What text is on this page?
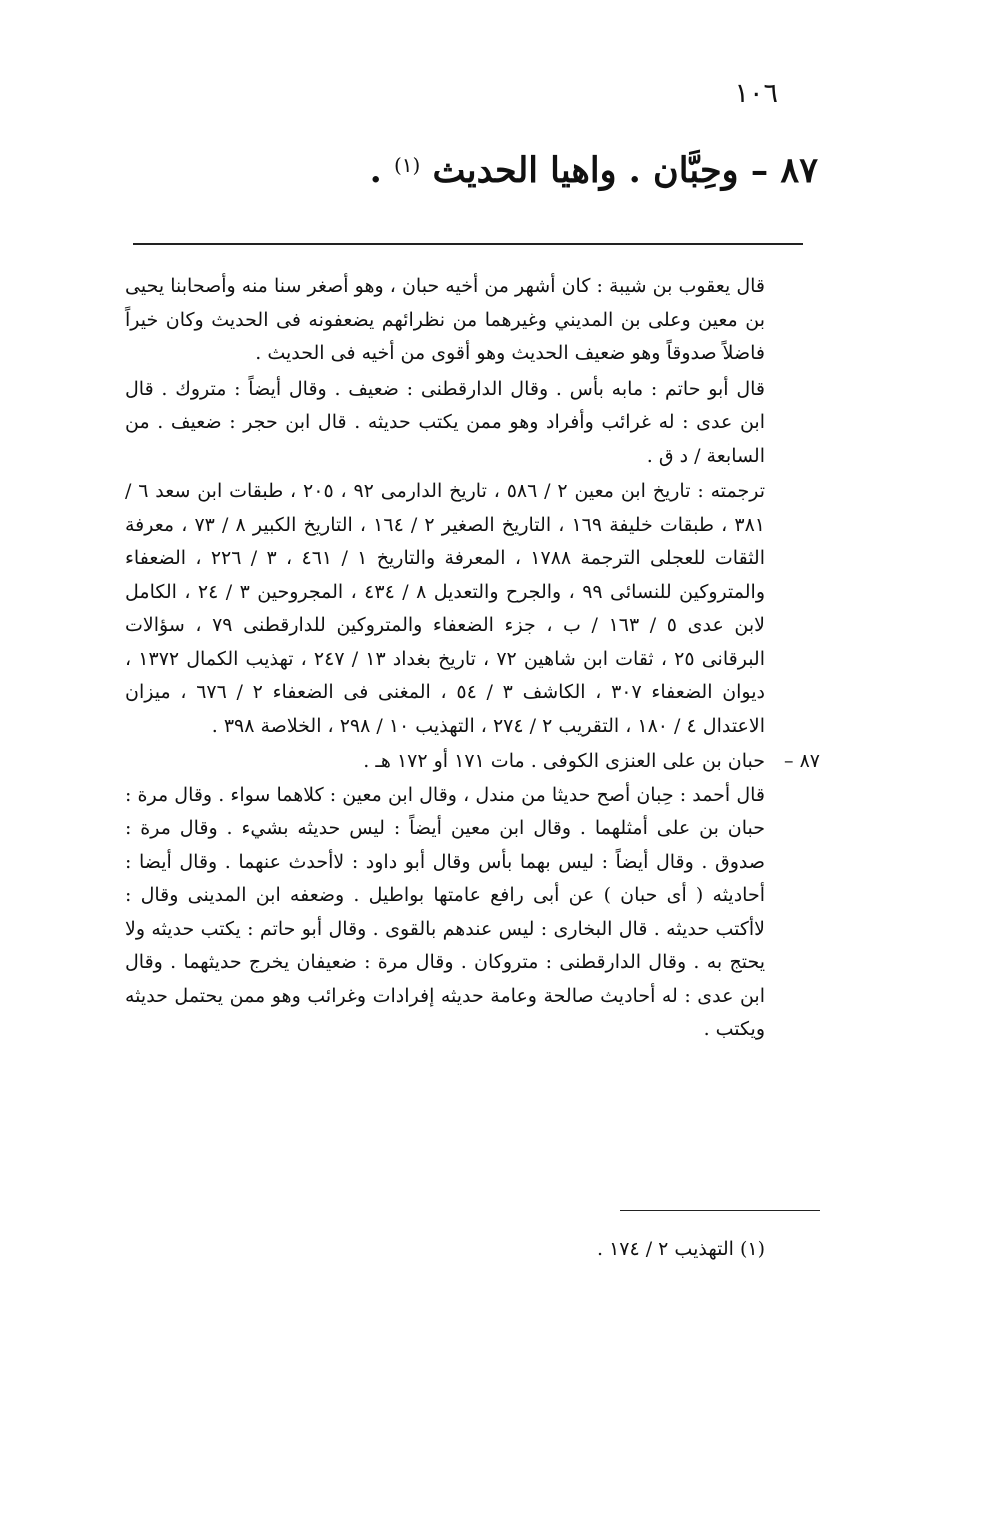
١٠٦
٨٧ – وحِبَّان . واهيا الحديث $^{(١)}$ .

قال يعقوب بن شيبة : كان أشهر من أخيه حبان ، وهو أصغر سنا منه وأصحابنا يحيى بن معين وعلى بن المديني وغيرهما من نظرائهم يضعفونه فى الحديث وكان خيراً فاضلاً صدوقاً وهو ضعيف الحديث وهو أقوى من أخيه فى الحديث .

قال أبو حاتم : مابه بأس . وقال الدارقطنى : ضعيف . وقال أيضاً : متروك . قال ابن عدى : له غرائب وأفراد وهو ممن يكتب حديثه . قال ابن حجر : ضعيف . من السابعة / د ق .

ترجمته : تاريخ ابن معين ٢ / ٥٨٦ ، تاريخ الدارمى ٩٢ ، ٢٠٥ ، طبقات ابن سعد ٦ / ٣٨١ ، طبقات خليفة ١٦٩ ، التاريخ الصغير ٢ / ١٦٤ ، التاريخ الكبير ٨ / ٧٣ ، معرفة الثقات للعجلى الترجمة ١٧٨٨ ، المعرفة والتاريخ ١ / ٤٦١ ، ٣ / ٢٢٦ ، الضعفاء والمتروكين للنسائى ٩٩ ، والجرح والتعديل ٨ / ٤٣٤ ، المجروحين ٣ / ٢٤ ، الكامل لابن عدى ٥ / ١٦٣ / ب ، جزء الضعفاء والمتروكين للدارقطنى ٧٩ ، سؤالات البرقانى ٢٥ ، ثقات ابن شاهين ٧٢ ، تاريخ بغداد ١٣ / ٢٤٧ ، تهذيب الكمال ١٣٧٢ ، ديوان الضعفاء ٣٠٧ ، الكاشف ٣ / ٥٤ ، المغنى فى الضعفاء ٢ / ٦٧٦ ، ميزان الاعتدال ٤ / ١٨٠ ، التقريب ٢ / ٢٧٤ ، التهذيب ١٠ / ٢٩٨ ، الخلاصة ٣٩٨ .

٨٧ –
حبان بن على العنزى الكوفى . مات ١٧١ أو ١٧٢ هـ .

قال أحمد : حِبان أصح حديثا من مندل ، وقال ابن معين : كلاهما سواء . وقال مرة : حبان بن على أمثلهما . وقال ابن معين أيضاً : ليس حديثه بشيء . وقال مرة : صدوق . وقال أيضاً : ليس بهما بأس وقال أبو داود : لاأحدث عنهما . وقال أيضا : أحاديثه ( أى حبان ) عن أبى رافع عامتها بواطيل . وضعفه ابن المدينى وقال : لاأكتب حديثه . قال البخارى : ليس عندهم بالقوى . وقال أبو حاتم : يكتب حديثه ولا يحتج به . وقال الدارقطنى : متروكان . وقال مرة : ضعيفان يخرج حديثهما . وقال ابن عدى : له أحاديث صالحة وعامة حديثه إفرادات وغرائب وهو ممن يحتمل حديثه ويكتب .

(١) التهذيب ٢ / ١٧٤ .
